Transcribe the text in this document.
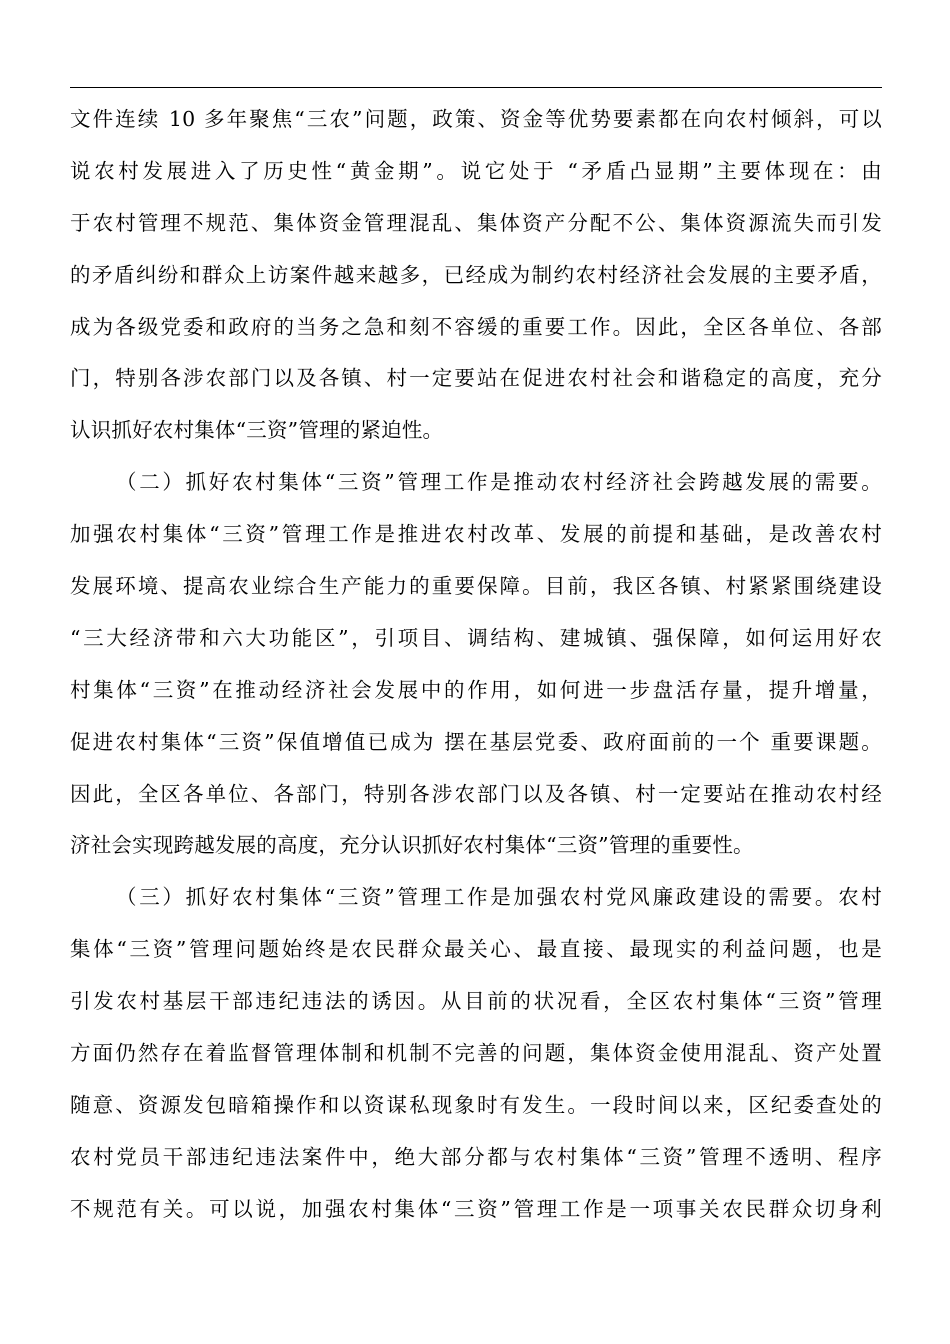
文件连续 10 多年聚焦“三农”问题，政策、资金等优势要素都在向农村倾斜，可以
说农村发展进入了历史性“黄金期”。说它处于 “矛盾凸显期”主要体现在：由
于农村管理不规范、集体资金管理混乱、集体资产分配不公、集体资源流失而引发
的矛盾纠纷和群众上访案件越来越多，已经成为制约农村经济社会发展的主要矛盾，
成为各级党委和政府的当务之急和刻不容缓的重要工作。因此，全区各单位、各部
门，特别各涉农部门以及各镇、村一定要站在促进农村社会和谐稳定的高度，充分
认识抓好农村集体“三资”管理的紧迫性。
（二）抓好农村集体“三资”管理工作是推动农村经济社会跨越发展的需要。
加强农村集体“三资”管理工作是推进农村改革、发展的前提和基础，是改善农村
发展环境、提高农业综合生产能力的重要保障。目前，我区各镇、村紧紧围绕建设
“三大经济带和六大功能区”，引项目、调结构、建城镇、强保障，如何运用好农
村集体“三资”在推动经济社会发展中的作用，如何进一步盘活存量，提升增量，
促进农村集体“三资”保值增值已成为 摆在基层党委、政府面前的一个 重要课题。
因此，全区各单位、各部门，特别各涉农部门以及各镇、村一定要站在推动农村经
济社会实现跨越发展的高度，充分认识抓好农村集体“三资”管理的重要性。
（三）抓好农村集体“三资”管理工作是加强农村党风廉政建设的需要。农村
集体“三资”管理问题始终是农民群众最关心、最直接、最现实的利益问题，也是
引发农村基层干部违纪违法的诱因。从目前的状况看，全区农村集体“三资”管理
方面仍然存在着监督管理体制和机制不完善的问题，集体资金使用混乱、资产处置
随意、资源发包暗箱操作和以资谋私现象时有发生。一段时间以来，区纪委查处的
农村党员干部违纪违法案件中，绝大部分都与农村集体“三资”管理不透明、程序
不规范有关。可以说，加强农村集体“三资”管理工作是一项事关农民群众切身利
